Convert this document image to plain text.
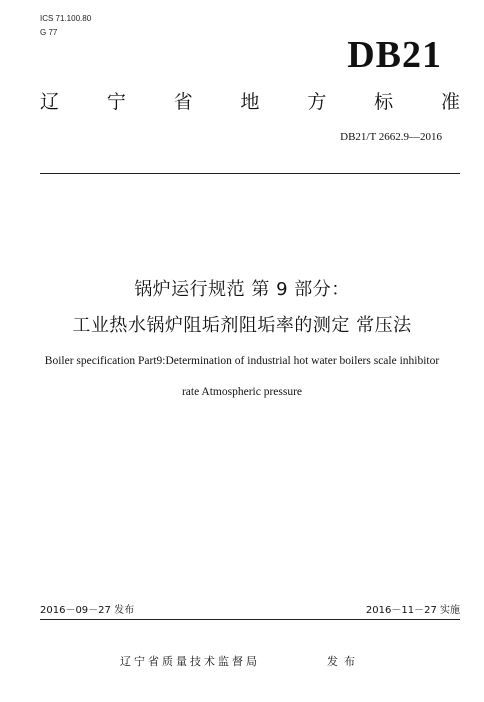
ICS 71.100.80
G 77
DB21
辽	宁	省	地	方	标	准
DB21/T 2662.9—2016
锅炉运行规范 第 9 部分：
工业热水锅炉阻垢剂阻垢率的测定 常压法
Boiler specification Part9:Determination of industrial hot water boilers scale inhibitor
rate Atmospheric pressure
2016－09－27 发布	2016－11－27 实施
辽宁省质量技术监督局	发布
